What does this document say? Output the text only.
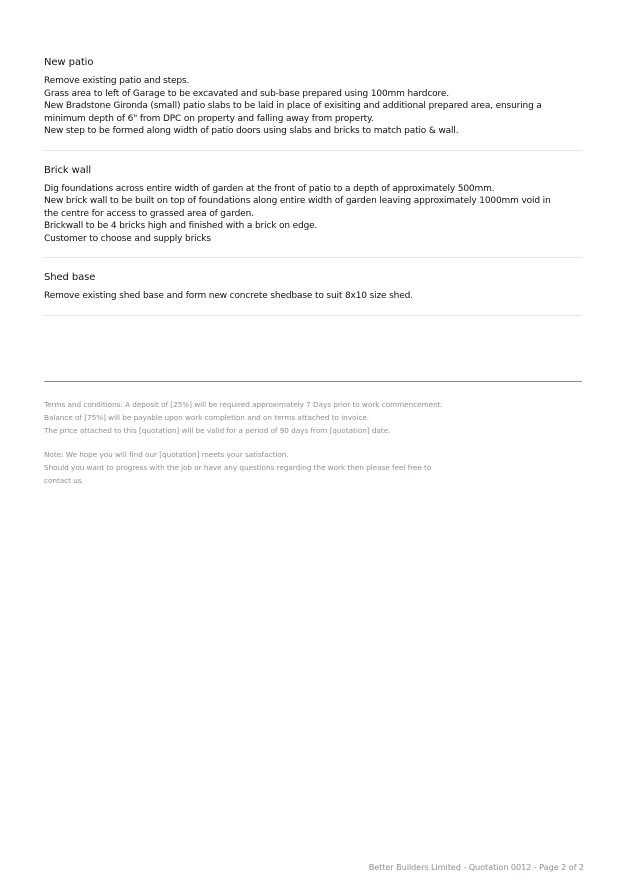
New patio

Remove existing patio and steps.

Grass area to left of Garage to be excavated and sub-base prepared using 100mm hardcore.

New Bradstone Gironda (small) patio slabs to be laid in place of exisiting and additional prepared area, ensuring a

minimum depth of 6" from DPC on property and falling away from property.

New step to be formed along width of patio doors using slabs and bricks to match patio & wall.

Brick wall

Dig foundations across entire width of garden at the front of patio to a depth of approximately 500mm.

New brick wall to be built on top of foundations along entire width of garden leaving approximately 1000mm void in

the centre for access to grassed area of garden.

Brickwall to be 4 bricks high and finished with a brick on edge.

Customer to choose and supply bricks

Shed base

Remove existing shed base and form new concrete shedbase to suit 8x10 size shed.

Terms and conditions: A deposit of [25%] will be required approximately 7 Days prior to work commencement.

Balance of [75%] will be payable upon work completion and on terms attached to invoice.

The price attached to this [quotation] will be valid for a period of 90 days from [quotation] date.

Note: We hope you will find our [quotation] meets your satisfaction.

Should you want to progress with the job or have any questions regarding the work then please feel free to

contact us.

Better Builders Limited - Quotation 0012 - Page 2 of 2
